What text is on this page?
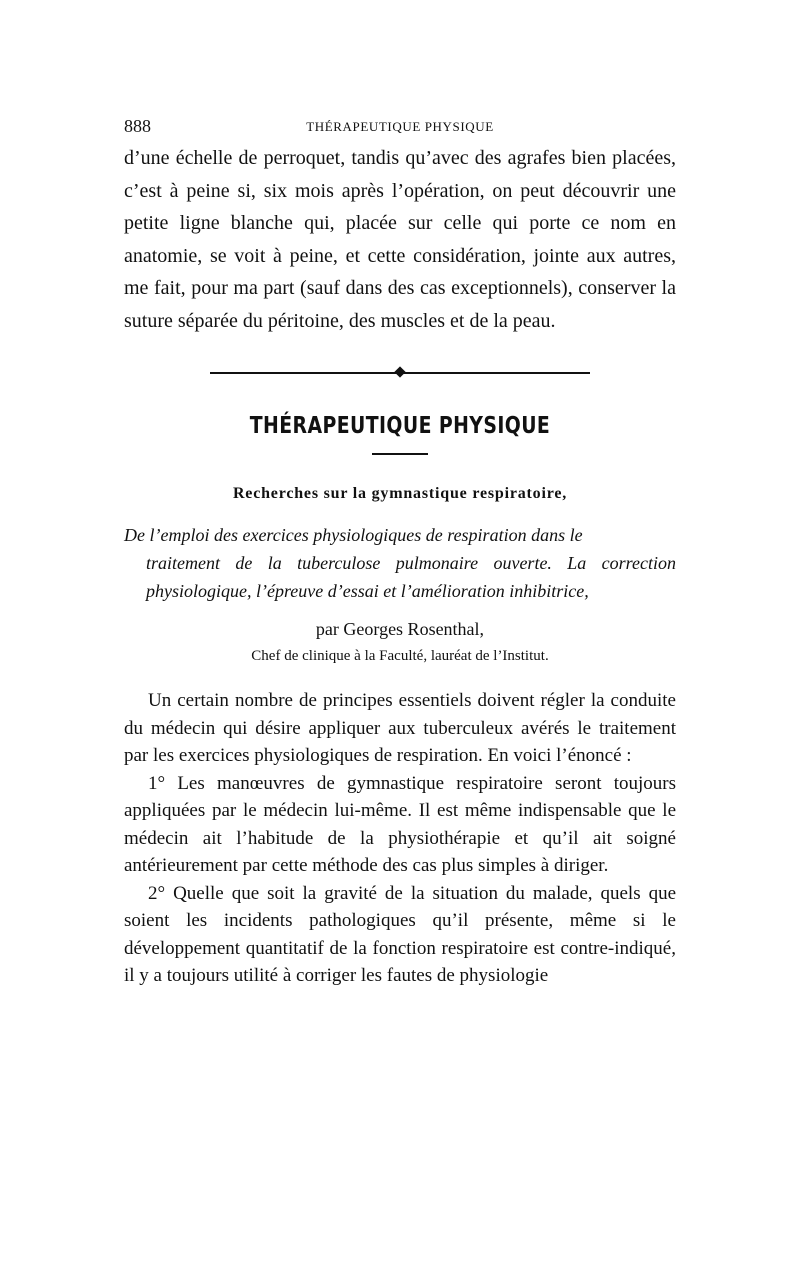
888	THÉRAPEUTIQUE PHYSIQUE

d’une échelle de perroquet, tandis qu’avec des agrafes bien placées, c’est à peine si, six mois après l’opération, on peut découvrir une petite ligne blanche qui, placée sur celle qui porte ce nom en anatomie, se voit à peine, et cette considération, jointe aux autres, me fait, pour ma part (sauf dans des cas exceptionnels), conserver la suture séparée du péritoine, des muscles et de la peau.

THÉRAPEUTIQUE PHYSIQUE

Recherches sur la gymnastique respiratoire,

De l’emploi des exercices physiologiques de respiration dans le
traitement de la tuberculose pulmonaire ouverte. La correction physiologique, l’épreuve d’essai et l’amélioration inhibitrice,

par Georges Rosenthal,

Chef de clinique à la Faculté, lauréat de l’Institut.

Un certain nombre de principes essentiels doivent régler la conduite du médecin qui désire appliquer aux tuberculeux avérés le traitement par les exercices physiologiques de respiration. En voici l’énoncé :

1° Les manœuvres de gymnastique respiratoire seront toujours appliquées par le médecin lui-même. Il est même indispensable que le médecin ait l’habitude de la physiothérapie et qu’il ait soigné antérieurement par cette méthode des cas plus simples à diriger.

2° Quelle que soit la gravité de la situation du malade, quels que soient les incidents pathologiques qu’il présente, même si le développement quantitatif de la fonction respiratoire est contre-indiqué, il y a toujours utilité à corriger les fautes de physiologie
